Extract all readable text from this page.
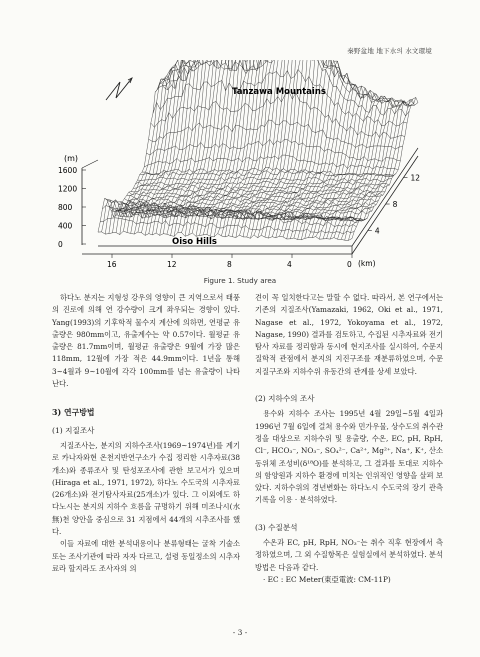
秦野盆地 地下水의 水文環境
(m)
1600
1200
800
400
0
16	12	8	4	0 (km)
12
8
4
Tanzawa Mountains
Oiso Hills
Figure 1. Study area

하다노 분지는 지형성 강우의 영향이 큰 지역으로서 태풍의 진로에 의해 연 강수량이 크게 좌우되는 경향이 있다. Yang(1993)의 기후학적 물수지 계산에 의하면, 연평균 유출량은 980mm이고, 유출계수는 약 0.57이다. 월평균 유출량은 81.7mm이며, 월평균 유출량은 9월에 가장 많은 118mm, 12월에 가장 적은 44.9mm이다. 1년을 통해 3~4월과 9~10월에 각각 100mm를 넘는 유출량이 나타난다.

3) 연구방법

(1) 지질조사

지질조사는, 분지의 지하수조사(1969~1974년)를 계기로 카나자와현 온천지반연구소가 수집 정리한 시추자료(38개소)와 종류조사 및 탄성포조사에 관한 보고서가 있으며 (Hiraga et al., 1971, 1972), 하다노 수도국의 시추자료(26개소)와 전기탐사자료(25개소)가 있다. 그 이외에도 하다노시는 분지의 지하수 흐름을 규명하기 위해 미조나시(水無)천 양안을 중심으로 31 지점에서 44개의 시추조사를 했다.

이들 자료에 대한 분석내용이나 분류형태는 굴착 기술소 또는 조사기관에 따라 자자 다르고, 설령 동일정소의 시추자료라 할지라도 조사자의 의

견이 꼭 일치한다고는 말할 수 없다. 따라서, 본 연구에서는 기존의 지질조사(Yamazaki, 1962, Oki et al., 1971, Nagase et al., 1972, Yokoyama et al., 1972, Nagase, 1990) 결과를 검토하고, 수집된 시추자료와 전기탐사 자료를 정리함과 동시에 현지조사를 실시하여, 수문지질학적 관점에서 분지의 지진구조를 재분류하였으며, 수문지질구조와 지하수위 유동간의 관계를 상세 보았다.

(2) 지하수의 조사

용수와 지하수 조사는 1995년 4월 29일~5월 4일과 1996년 7월 6일에 걸쳐 용수와 민가우물, 상수도의 취수관정을 대상으로 지하수위 및 용출량, 수온, EC, pH, RpH, Cl⁻, HCO₃⁻, NO₃⁻, SO₄²⁻, Ca²⁺, Mg²⁺, Na⁺, K⁺, 산소동위체 조성비(δ¹⁸O)를 분석하고, 그 결과를 토대로 지하수의 함양원과 지하수 환경에 미치는 인위적인 영향을 살펴 보았다. 지하수위의 경년변화는 하다노시 수도국의 장기 관측기록을 이용 · 분석하였다.

(3) 수질분석

수온과 EC, pH, RpH, NO₃⁻는 취수 직후 현장에서 측정하였으며, 그 외 수질항목은 실험실에서 분석하였다. 분석방법은 다음과 같다.

· EC : EC Meter(東亞電波: CM-11P)

- 3 -
